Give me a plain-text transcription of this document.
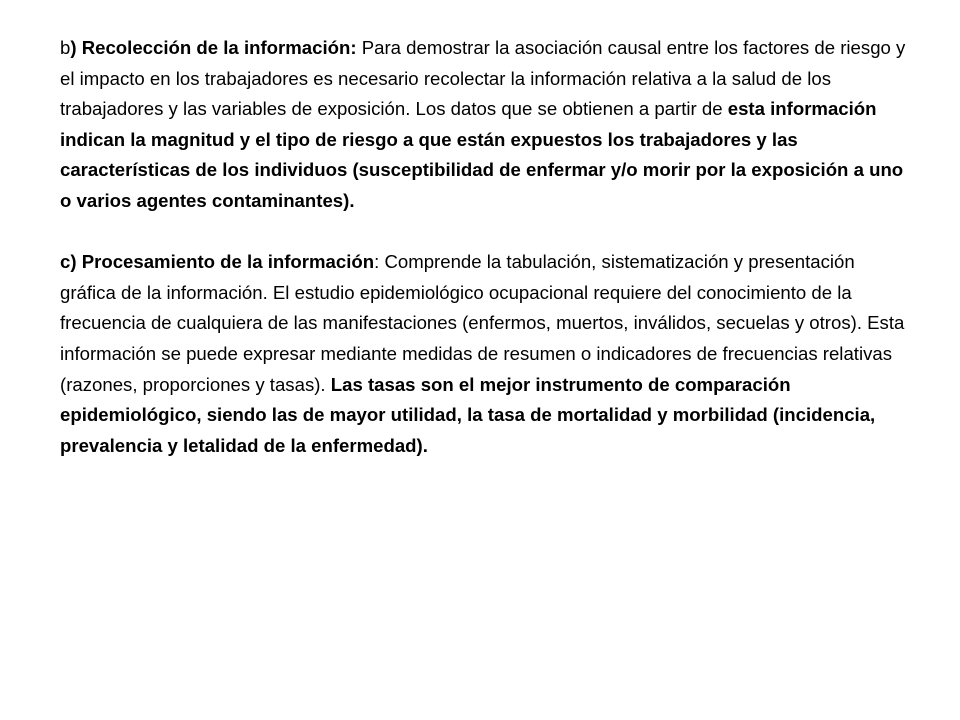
b) Recolección de la información: Para demostrar la asociación causal entre los factores de riesgo y el impacto en los trabajadores es necesario recolectar la información relativa a la salud de los trabajadores y las variables de exposición. Los datos que se obtienen a partir de esta información indican la magnitud y el tipo de riesgo a que están expuestos los trabajadores y las características de los individuos (susceptibilidad de enfermar y/o morir por la exposición a uno o varios agentes contaminantes).

c) Procesamiento de la información: Comprende la tabulación, sistematización y presentación gráfica de la información. El estudio epidemiológico ocupacional requiere del conocimiento de la frecuencia de cualquiera de las manifestaciones (enfermos, muertos, inválidos, secuelas y otros). Esta información se puede expresar mediante medidas de resumen o indicadores de frecuencias relativas (razones, proporciones y tasas). Las tasas son el mejor instrumento de comparación epidemiológico, siendo las de mayor utilidad, la tasa de mortalidad y morbilidad (incidencia, prevalencia y letalidad de la enfermedad).
